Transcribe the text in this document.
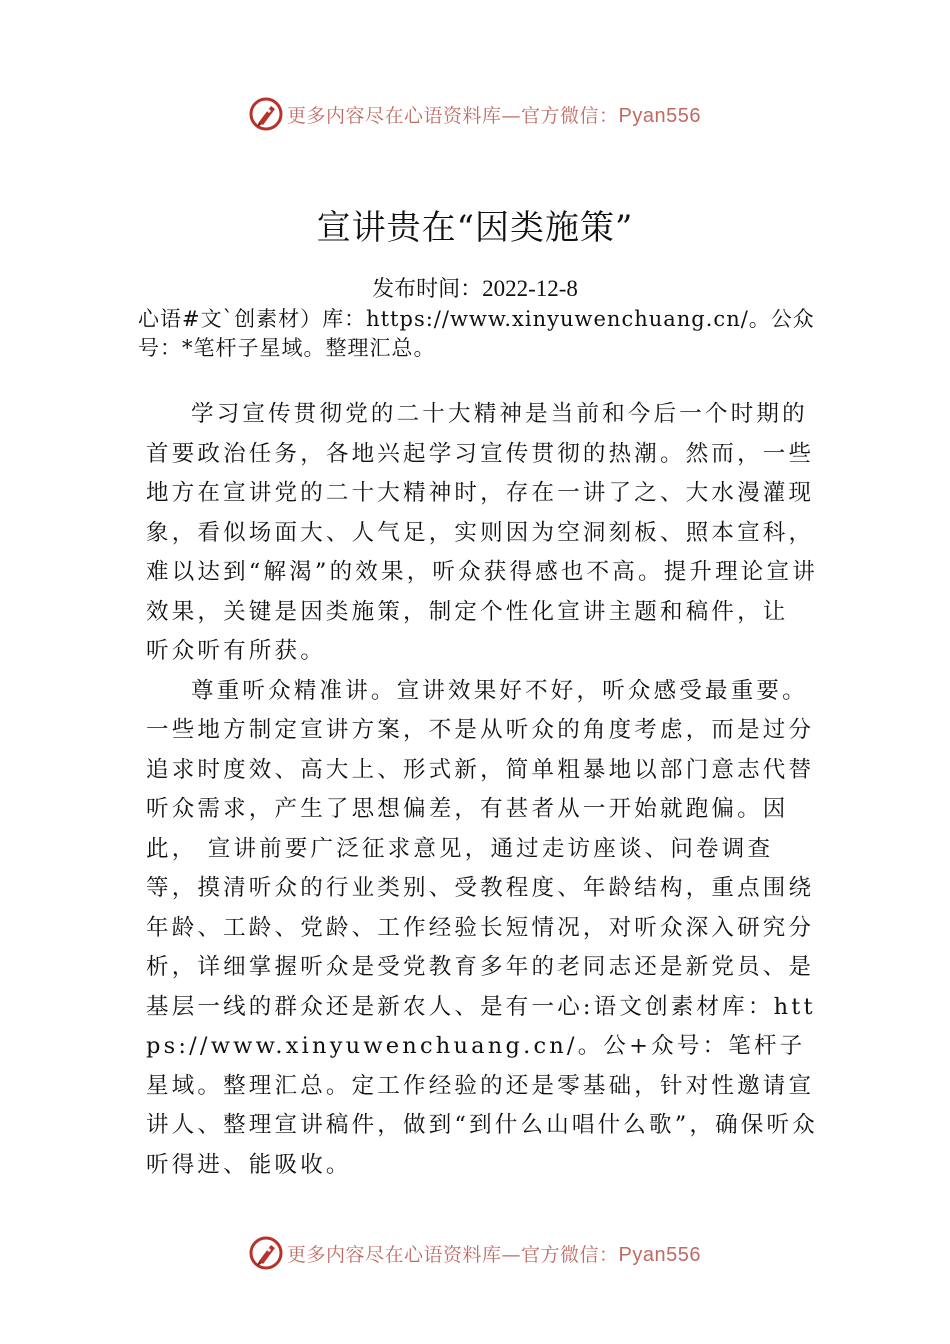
更多内容尽在心语资料库—官方微信：Pyan556
宣讲贵在“因类施策”
发布时间：2022-12-8
心语#文`创素材）库：https://www.xinyuwenchuang.cn/。公众号：*笔杆子星域。整理汇总。

学习宣传贯彻党的二十大精神是当前和今后一个时期的首要政治任务，各地兴起学习宣传贯彻的热潮。然而，一些地方在宣讲党的二十大精神时，存在一讲了之、大水漫灌现象，看似场面大、人气足，实则因为空洞刻板、照本宣科，难以达到“解渴”的效果，听众获得感也不高。提升理论宣讲效果，关键是因类施策，制定个性化宣讲主题和稿件，让 听众听有所获。

尊重听众精准讲。宣讲效果好不好，听众感受最重要。一些地方制定宣讲方案，不是从听众的角度考虑，而是过分追求时度效、高大上、形式新，简单粗暴地以部门意志代替听众需求，产生了思想偏差，有甚者从一开始就跑偏。因此， 宣讲前要广泛征求意见，通过走访座谈、问卷调查等，摸清听众的行业类别、受教程度、年龄结构，重点围绕年龄、工龄、党龄、工作经验长短情况，对听众深入研究分析，详细掌握听众是受党教育多年的老同志还是新党员、是基层一线的群众还是新农人、是有一心:语文创素材库：https://www.xinyuwenchuang.cn/。公+众号：笔杆子星域。整理汇总。定工作经验的还是零基础，针对性邀请宣讲人、整理宣讲稿件，做到“到什么山唱什么歌”，确保听众听得进、能吸收。

更多内容尽在心语资料库—官方微信：Pyan556
